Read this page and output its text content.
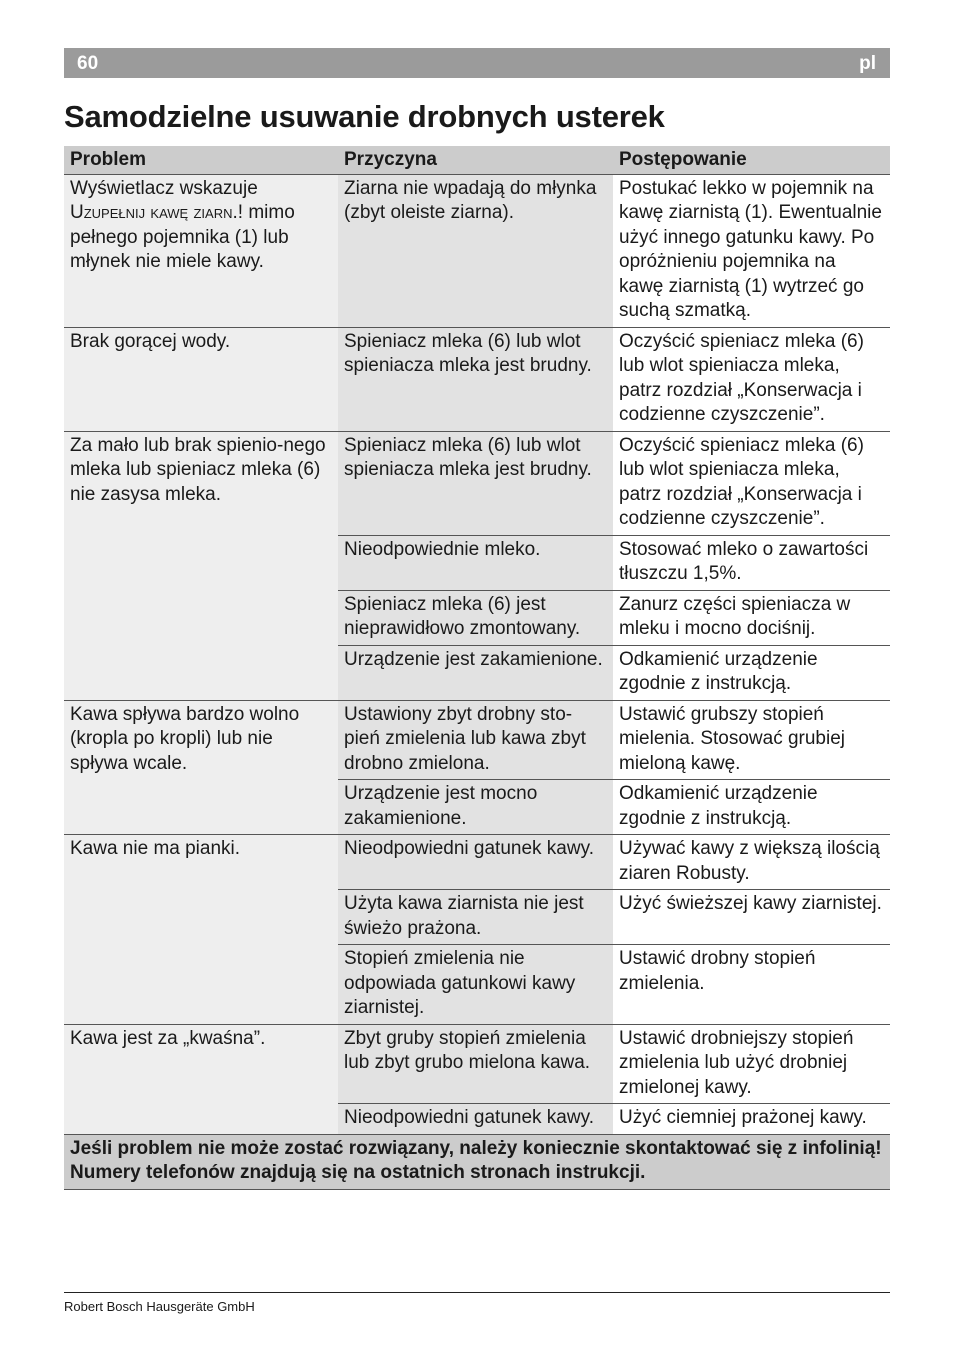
60	pl
Samodzielne usuwanie drobnych usterek
Problem	Przyczyna	Postępowanie
Wyświetlacz wskazuje Uzupełnij kawę ziarn.! mimo pełnego pojemnika (1) lub młynek nie miele kawy.	Ziarna nie wpadają do młynka (zbyt oleiste ziarna).	Postukać lekko w pojemnik na kawę ziarnistą (1). Ewentualnie użyć innego gatunku kawy. Po opróżnieniu pojemnika na kawę ziarnistą (1) wytrzeć go suchą szmatką.
Brak gorącej wody.	Spieniacz mleka (6) lub wlot spieniacza mleka jest brudny.	Oczyścić spieniacz mleka (6) lub wlot spieniacza mleka, patrz rozdział „Konserwacja i codzienne czyszczenie”.
Za mało lub brak spienio-nego mleka lub spieniacz mleka (6) nie zasysa mleka.	Spieniacz mleka (6) lub wlot spieniacza mleka jest brudny.	Oczyścić spieniacz mleka (6) lub wlot spieniacza mleka, patrz rozdział „Konserwacja i codzienne czyszczenie”.
	Nieodpowiednie mleko.	Stosować mleko o zawartości tłuszczu 1,5%.
	Spieniacz mleka (6) jest nieprawidłowo zmontowany.	Zanurz części spieniacza w mleku i mocno dociśnij.
	Urządzenie jest zakamienione.	Odkamienić urządzenie zgodnie z instrukcją.
Kawa spływa bardzo wolno (kropla po kropli) lub nie spływa wcale.	Ustawiony zbyt drobny sto-pień zmielenia lub kawa zbyt drobno zmielona.	Ustawić grubszy stopień mielenia. Stosować grubiej mieloną kawę.
	Urządzenie jest mocno zakamienione.	Odkamienić urządzenie zgodnie z instrukcją.
Kawa nie ma pianki.	Nieodpowiedni gatunek kawy.	Używać kawy z większą ilością ziaren Robusty.
	Użyta kawa ziarnista nie jest świeżo prażona.	Użyć świeższej kawy ziarnistej.
	Stopień zmielenia nie odpowiada gatunkowi kawy ziarnistej.	Ustawić drobny stopień zmielenia.
Kawa jest za „kwaśna”.	Zbyt gruby stopień zmielenia lub zbyt grubo mielona kawa.	Ustawić drobniejszy stopień zmielenia lub użyć drobniej zmielonej kawy.
	Nieodpowiedni gatunek kawy.	Użyć ciemniej prażonej kawy.
Jeśli problem nie może zostać rozwiązany, należy koniecznie skontaktować się z infolinią! Numery telefonów znajdują się na ostatnich stronach instrukcji.		
Robert Bosch Hausgeräte GmbH
